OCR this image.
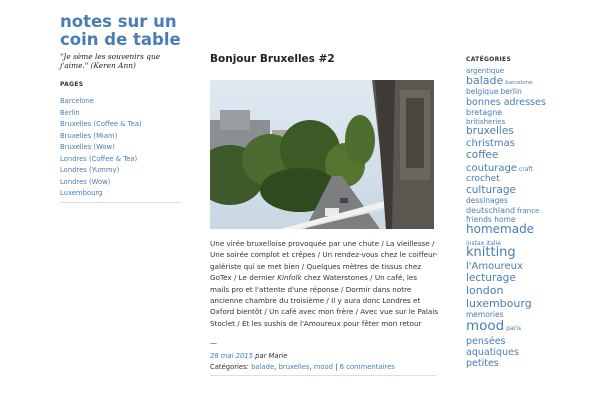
notes sur un coin de table
"Je sème les souvenirs que j'aime." (Keren Ann)
PAGES
Barcelone
Berlin
Bruxelles (Coffee & Tea)
Bruxelles (Miam)
Bruxelles (Wow)
Londres (Coffee & Tea)
Londres (Yummy)
Londres (Wow)
Luxembourg
Bonjour Bruxelles #2
Une virée bruxelloise provoquée par une chute / La vieillesse / Une soirée complot et crêpes / Un rendez-vous chez le coiffeur-galériste qui se met bien / Quelques mètres de tissus chez GoTex / Le dernier Kinfolk chez Waterstones / Un café, les mails pro et l'attente d'une réponse / Dormir dans notre ancienne chambre du troisième / Il y aura donc Londres et Oxford bientôt / Un café avec mon frère / Avec vue sur le Palais Stoclet / Et les sushis de l'Amoureux pour fêter mon retour
—
28 mai 2015 par Marie
Catégories: balade, bruxelles, mood | 6 commentaires
CATÉGORIES
argentique
balade barcelone
belgique berlin
bonnes adresses
bretagne
britisheries
bruxelles
christmas
coffee
couturage craft
crochet
culturage
dessinages
deutschland france
friends home
homemade
instax italie
knitting
l'Amoureux
lecturage
london
luxembourg
memories
mood paris
pensées
aquatiques
petites
